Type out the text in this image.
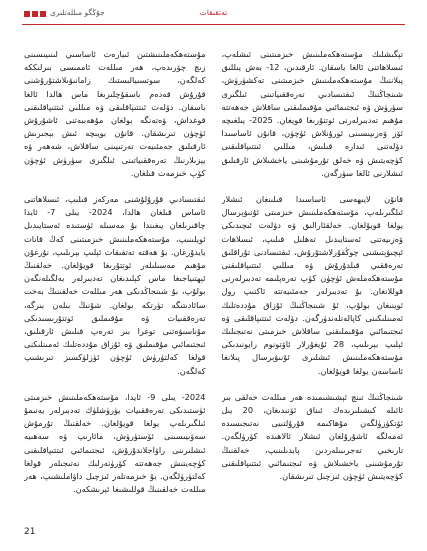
جۇڭگو مىللەتلىرى	تەتقىقات

تېگىشلىك مۇستەھكەملىنىش خىزمىتىنى ئىشلەپ، ئىسلاھاتنى ئالغا باسقان. ئارقىدىن، 12- بەش يىللىق پىلاننىڭ مۇستەھكەملىنىش خىزمىتىنى تەكشۈرۈش، شىنجاڭنىڭ ئىقتىسادىي تەرەققىياتىنى ئىلگىرى سۈرۈش ۋە ئىجتىمائىي مۇقىملىقنى ساقلاش جەھەتتە مۇھىم تەدبىرلەرنى ئوتتۇرىغا قويغان. 2025- يىلغىچە ئۆز ۋەزىپىسىنى ئورۇنلاش ئۈچۈن، قانۇن ئاساسىدا دۆلەتنى ئىدارە قىلىش، مىللىي ئىتتىپاقلىقنى كۈچەيتىش ۋە خەلق تۇرمۇشىنى ياخشىلاش ئارقىلىق ئىشلارنى ئالغا سۈرگەن.

قانۇن لايىھەسى ئاساسىدا قىلىنغان ئىشلار ئىلگىرىلەپ، مۇستەھكەملىنىش خىزمىتى ئۇنىۋېرسال يولغا قويۇلغان. خەلقئارالىق ۋە دۆلەت ئىچىدىكى ۋەزىيەتنى ئەستايىدىل تەھلىل قىلىپ، ئىسلاھات ئېچىۋېتىشنى چوڭقۇرلاشتۇرۇش، ئىقتىسادنى تۇراقلىق تەرەققىي قىلدۇرۇش ۋە مىللىي ئىتتىپاقلىقنى مۇستەھكەملەش ئۈچۈن كۆپ تەرەپلىمە تەدبىرلەرنى قوللانغان. بۇ تەدبىرلەر جەمئىيەتتە ئاكتىپ رول ئوينىغان بولۇپ، ئۇ شىنجاڭنىڭ ئۇزاق مۇددەتلىك ئەمىنلىكىنى كاپالەتلەندۈرگەن. دۆلەت ئىتتىپاقلىقى ۋە ئىجتىمائىي مۇقىملىقنى ساقلاش خىزمىتى نەتىجىلىك ئېلىپ بېرىلىپ، 28 ئۇيغۇرلار ئاۋتونوم رايونىدىكى مۇستەھكەملىنىش ئىشلىرى ئۇنىۋېرسال پىلانغا ئاساسەن يولغا قويۇلغان.

شىنجاڭنىڭ تىنچ ئېشىشىمىدە ھەر مىللەت خەلقى بىر ئائىلە كىشىلىرىدەك ئىناق ئۆتىدىغان، 20 يىل ئۆتكۈزۈلگەن مۇھاكىمە قۇرۇلتىيى نەتىجىسىدە ئەمەلگە ئاشۇرۇلغان ئىشلار ئالاھىدە كۆرۈلگەن. تارىخىي تەجرىبىلەردىن پايدىلىنىپ، خەلقنىڭ تۇرمۇشىنى ياخشىلاش ۋە ئىجتىمائىي ئىتتىپاقلىقنى كۈچەيتىش ئۈچۈن ئىزچىل تىرىشقان.

مۇستەھكەملىنىشتىن ئىبارەت ئاساسىي لىنىيىسىنى زىچ چۆرىدەپ، ھەر مىللەت ئاممىسى بىرلىككە كەلگەن، سوتسىيالىستىك زامانىۋىلاشتۇرۇشنى قۇرۇش قەدەم باسقۇچلىرىغا ماس ھالدا ئالغا باسقان. دۆلەت ئىتتىپاقلىقى ۋە مىللىي ئىتتىپاقلىقنى قوغداش، ۋەتەنگە بولغان مۇھەببەتنى ئاشۇرۇش ئۈچۈن تىرىشقان. قانۇن بويىچە ئىش بېجىرىش ئارقىلىق جەمئىيەت تەرتىپىنى ساقلاش، شەھەر ۋە يېزىلارنىڭ تەرەققىياتىنى ئىلگىرى سۈرۈش ئۈچۈن كۆپ خىزمەت قىلغان.

ئىقتىسادىي قۇرۇلۇشنى مەركەز قىلىپ، ئىسلاھاتنى ئاساس قىلغان ھالدا، 2024- يىلى 7- ئايدا چاقىرىلغان يىغىندا بۇ مەسىلە ئۈستىدە ئەستايىدىل ئويلىنىپ، مۇستەھكەملىنىش خىزمىتىنى كەڭ قانات يايدۇرغان. بۇ ھەقتە تەتقىقات ئېلىپ بېرىلىپ، نۇرغۇن مۇھىم مەسىلىلەر ئوتتۇرىغا قويۇلغان. خەلقنىڭ ئېھتىياجىغا ماس كېلىدىغان تەدبىرلەر بەلگىلەنگەن بولۇپ، بۇ شىنجاڭدىكى ھەر مىللەت خەلقىنىڭ بەخت سائادىتىگە تۈرتكە بولغان. شۇنىڭ بىلەن بىرگە، تەرەققىيات ۋە مۇقىملىق ئوتتۇرىسىدىكى مۇناسىۋەتنى توغرا بىر تەرەپ قىلىش ئارقىلىق، ئىجتىمائىي مۇقىملىق ۋە ئۇزاق مۇددەتلىك ئەمىنلىكنى قولغا كەلتۈرۈش ئۈچۈن ئۈزلۈكسىز تىرىشىپ كەلگەن.

2024- يىلى 9- ئايدا، مۇستەھكەملىنىش خىزمىتى ئۈستىدىكى تەرەققىيات يۈرۈشلۈك تەدبىرلەر يەنىمۇ ئىلگىرىلەپ يولغا قويۇلغان. خەلقنىڭ تۇرمۇش سەۋىيىسىنى ئۆستۈرۈش، مائارىپ ۋە سەھىيە ئىشلىرىنى راۋاجلاندۇرۇش، ئىجتىمائىي ئىتتىپاقلىقنى كۈچەيتىش جەھەتتە كۆرۈنەرلىك نەتىجىلەر قولغا كەلتۈرۈلگەن. بۇ خىزمەتلەر ئىزچىل داۋاملىشىپ، ھەر مىللەت خەلقىنىڭ قوللىشىغا ئېرىشكەن.

21
